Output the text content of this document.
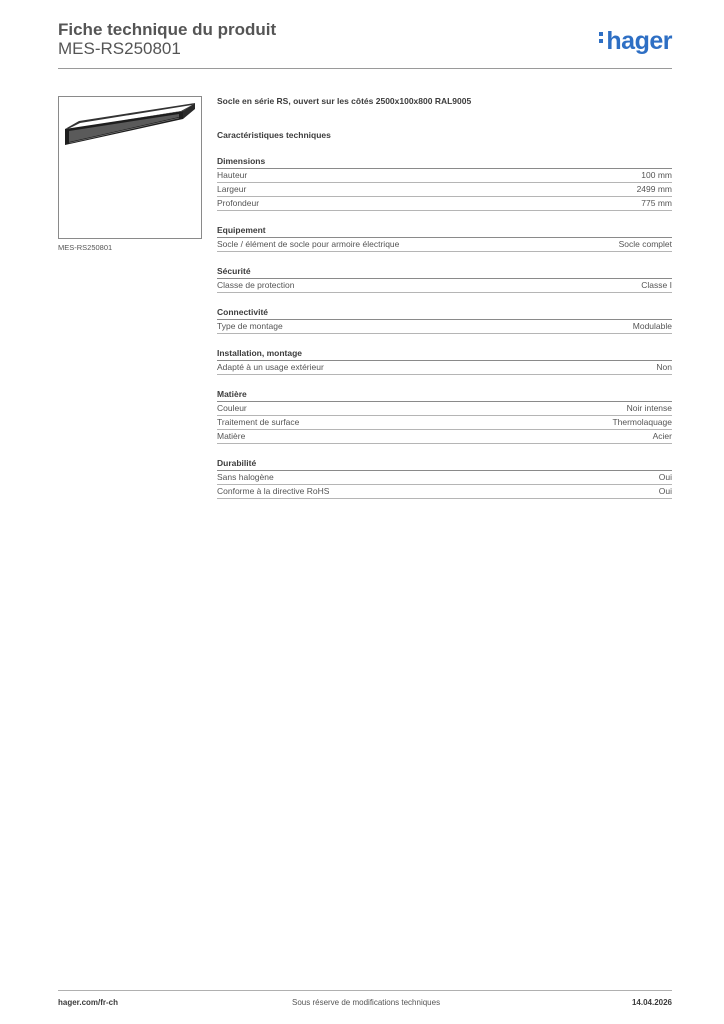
Fiche technique du produit
MES-RS250801	hager
MES-RS250801
Socle en série RS, ouvert sur les côtés 2500x100x800 RAL9005
Caractéristiques techniques
Dimensions
Hauteur	100 mm
Largeur	2499 mm
Profondeur	775 mm
Equipement
Socle / élément de socle pour armoire électrique	Socle complet
Sécurité
Classe de protection	Classe I
Connectivité
Type de montage	Modulable
Installation, montage
Adapté à un usage extérieur	Non
Matière
Couleur	Noir intense
Traitement de surface	Thermolaquage
Matière	Acier
Durabilité
Sans halogène	Oui
Conforme à la directive RoHS	Oui
hager.com/fr-ch	Sous réserve de modifications techniques	14.04.2026
